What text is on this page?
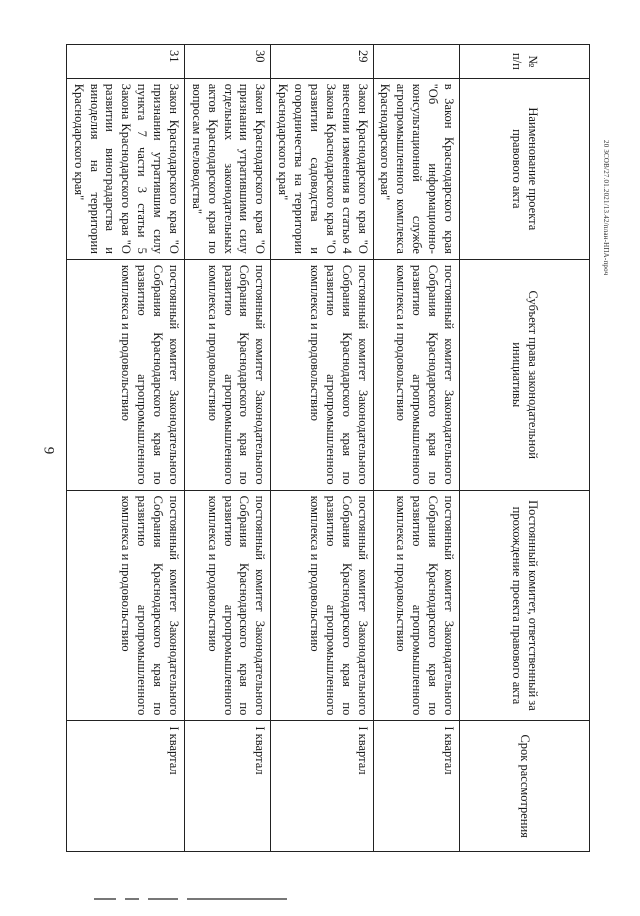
9
20 ЗСОВ/27.01.2021/13.42/план-НПА-проч
№ п/п	Наименование проекта правового акта	Субъект права законодательной инициативы	Постоянный комитет, ответственный за прохождение проекта правового акта	Срок рассмотрения
	в Закон Краснодарского края "Об информационно-консультационной службе агропромышленного комплекса Краснодарского края"	постоянный комитет Законодательного Собрания Краснодарского края по развитию агропромышленного комплекса и продовольствию	постоянный комитет Законодательного Собрания Краснодарского края по развитию агропромышленного комплекса и продовольствию	I квартал
29	Закон Краснодарского края "О внесении изменения в статью 4 Закона Краснодарского края "О развитии садоводства и огородничества на территории Краснодарского края"	постоянный комитет Законодательного Собрания Краснодарского края по развитию агропромышленного комплекса и продовольствию	постоянный комитет Законодательного Собрания Краснодарского края по развитию агропромышленного комплекса и продовольствию	I квартал
30	Закон Краснодарского края "О признании утратившими силу отдельных законодательных актов Краснодарского края по вопросам пчеловодства"	постоянный комитет Законодательного Собрания Краснодарского края по развитию агропромышленного комплекса и продовольствию	постоянный комитет Законодательного Собрания Краснодарского края по развитию агропромышленного комплекса и продовольствию	I квартал
31	Закон Краснодарского края "О признании утратившим силу пункта 7 части 3 статьи 5 Закона Краснодарского края "О развитии виноградарства и виноделия на территории Краснодарского края"	постоянный комитет Законодательного Собрания Краснодарского края по развитию агропромышленного комплекса и продовольствию	постоянный комитет Законодательного Собрания Краснодарского края по развитию агропромышленного комплекса и продовольствию	I квартал
